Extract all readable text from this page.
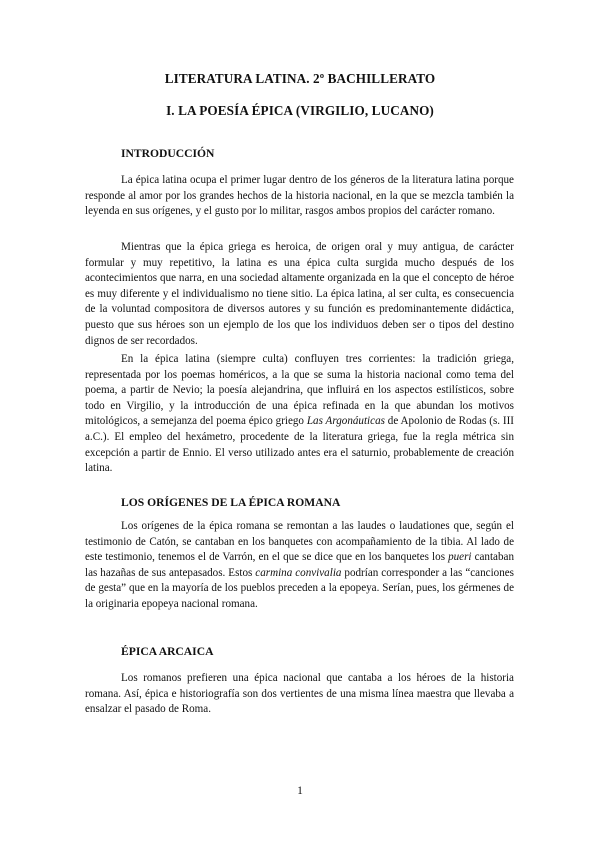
LITERATURA LATINA. 2º BACHILLERATO
I. LA POESÍA ÉPICA (VIRGILIO, LUCANO)
INTRODUCCIÓN

La épica latina ocupa el primer lugar dentro de los géneros de la literatura latina porque responde al amor por los grandes hechos de la historia nacional, en la que se mezcla también la leyenda en sus orígenes, y el gusto por lo militar, rasgos ambos propios del carácter romano.

Mientras que la épica griega es heroica, de origen oral y muy antigua, de carácter formular y muy repetitivo, la latina es una épica culta surgida mucho después de los acontecimientos que narra, en una sociedad altamente organizada en la que el concepto de héroe es muy diferente y el individualismo no tiene sitio. La épica latina, al ser culta, es consecuencia de la voluntad compositora de diversos autores y su función es predominantemente didáctica, puesto que sus héroes son un ejemplo de los que los individuos deben ser o tipos del destino dignos de ser recordados.

En la épica latina (siempre culta) confluyen tres corrientes: la tradición griega, representada por los poemas homéricos, a la que se suma la historia nacional como tema del poema, a partir de Nevio; la poesía alejandrina, que influirá en los aspectos estilísticos, sobre todo en Virgilio, y la introducción de una épica refinada en la que abundan los motivos mitológicos, a semejanza del poema épico griego Las Argonáuticas de Apolonio de Rodas (s. III a.C.). El empleo del hexámetro, procedente de la literatura griega, fue la regla métrica sin excepción a partir de Ennio. El verso utilizado antes era el saturnio, probablemente de creación latina.

LOS ORÍGENES DE LA ÉPICA ROMANA

Los orígenes de la épica romana se remontan a las laudes o laudationes que, según el testimonio de Catón, se cantaban en los banquetes con acompañamiento de la tibia. Al lado de este testimonio, tenemos el de Varrón, en el que se dice que en los banquetes los pueri cantaban las hazañas de sus antepasados. Estos carmina convivalia podrían corresponder a las “canciones de gesta” que en la mayoría de los pueblos preceden a la epopeya. Serían, pues, los gérmenes de la originaria epopeya nacional romana.

ÉPICA ARCAICA

Los romanos prefieren una épica nacional que cantaba a los héroes de la historia romana. Así, épica e historiografía son dos vertientes de una misma línea maestra que llevaba a ensalzar el pasado de Roma.

1
